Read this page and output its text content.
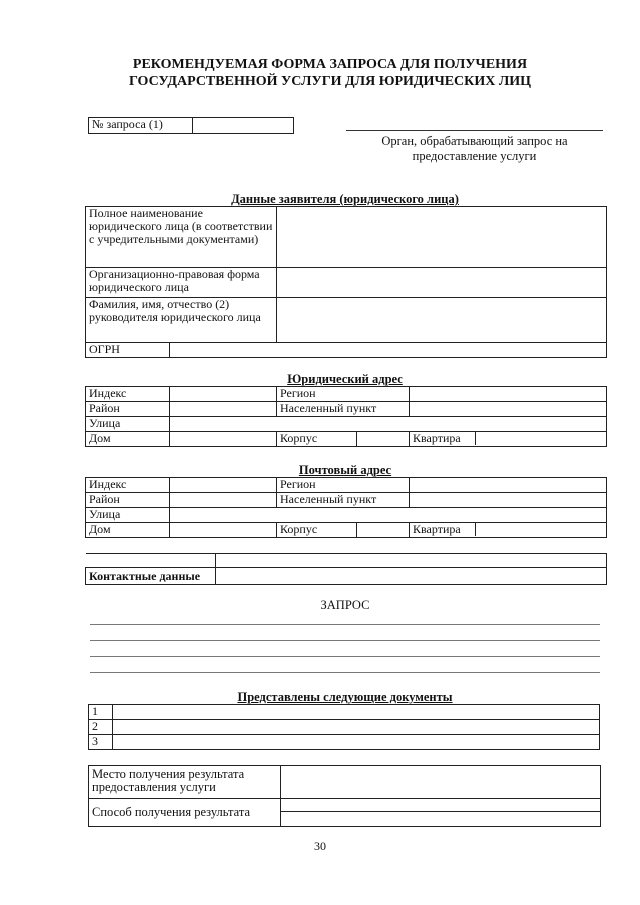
РЕКОМЕНДУЕМАЯ ФОРМА ЗАПРОСА ДЛЯ ПОЛУЧЕНИЯ
ГОСУДАРСТВЕННОЙ УСЛУГИ ДЛЯ ЮРИДИЧЕСКИХ ЛИЦ
№ запроса (1)	
Орган, обрабатывающий запрос на
предоставление услуги
Данные заявителя (юридического лица)
Полное наименование юридического лица (в соответствии с учредительными документами)		
Организационно-правовая форма юридического лица		
Фамилия, имя, отчество (2) руководителя юридического лица		
ОГРН		
Юридический адрес
Индекс		Регион		
Район		Населенный пункт		
Улица				
Дом		Корпус		Квартира
Почтовый адрес
Индекс		Регион		
Район		Населенный пункт		
Улица				
Дом		Корпус		Квартира

Контактные данные	
ЗАПРОС
Представлены следующие документы
1	
2	
3	
Место получения результата предоставления услуги	
Способ получения результата	
30
